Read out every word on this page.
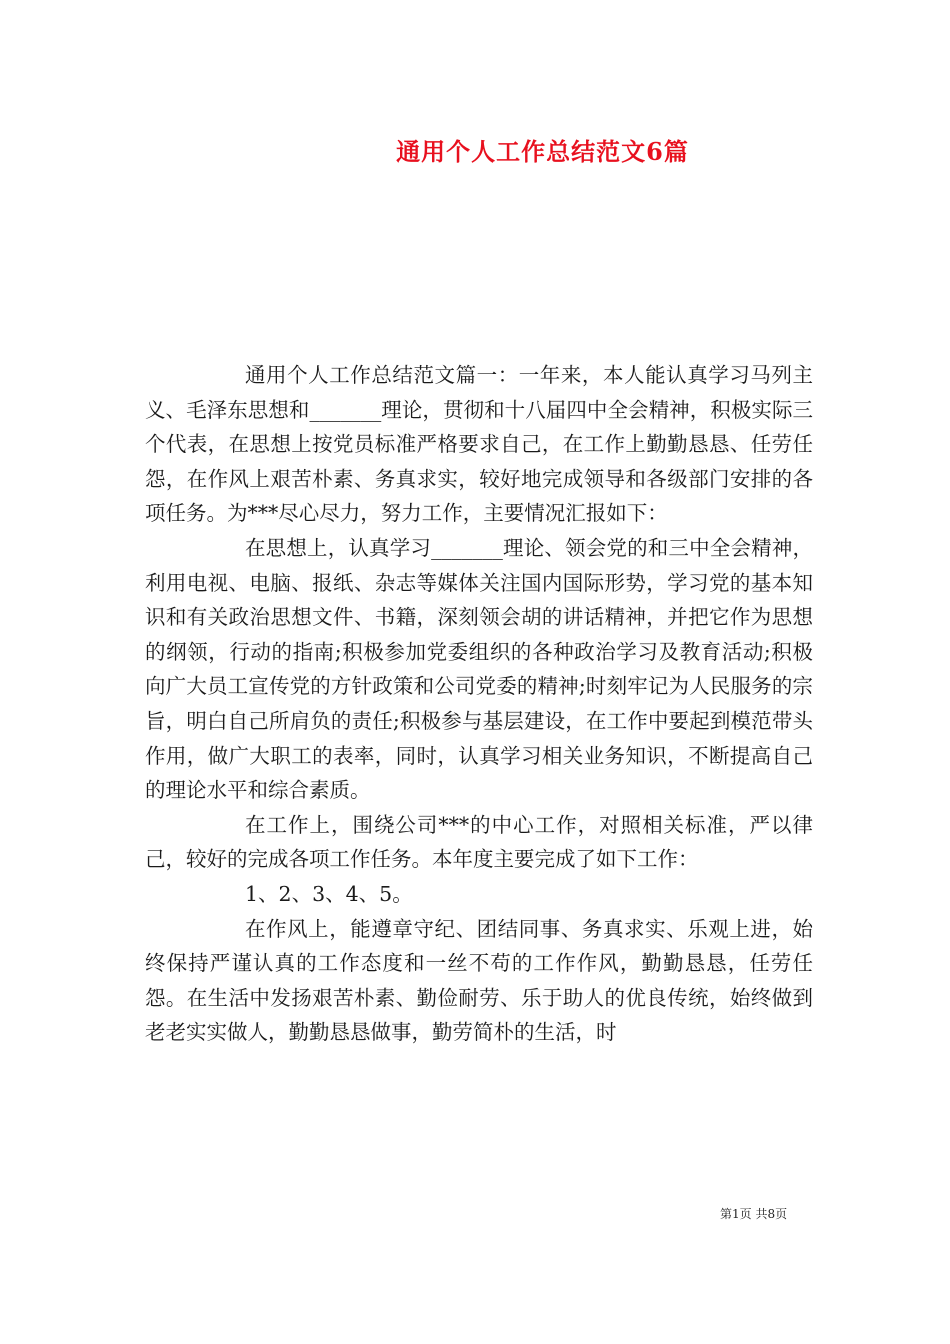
通用个人工作总结范文6篇

通用个人工作总结范文篇一：一年来，本人能认真学习马列主义、毛泽东思想和_______理论，贯彻和十八届四中全会精神，积极实际三个代表，在思想上按党员标准严格要求自己，在工作上勤勤恳恳、任劳任怨，在作风上艰苦朴素、务真求实，较好地完成领导和各级部门安排的各项任务。为***尽心尽力，努力工作，主要情况汇报如下：

在思想上，认真学习_______理论、领会党的和三中全会精神，利用电视、电脑、报纸、杂志等媒体关注国内国际形势，学习党的基本知识和有关政治思想文件、书籍，深刻领会胡的讲话精神，并把它作为思想的纲领，行动的指南;积极参加党委组织的各种政治学习及教育活动;积极向广大员工宣传党的方针政策和公司党委的精神;时刻牢记为人民服务的宗旨，明白自己所肩负的责任;积极参与基层建设，在工作中要起到模范带头作用，做广大职工的表率，同时，认真学习相关业务知识，不断提高自己的理论水平和综合素质。

在工作上，围绕公司***的中心工作，对照相关标准，严以律己，较好的完成各项工作任务。本年度主要完成了如下工作：

1、2、3、4、5。

在作风上，能遵章守纪、团结同事、务真求实、乐观上进，始终保持严谨认真的工作态度和一丝不苟的工作作风，勤勤恳恳，任劳任怨。在生活中发扬艰苦朴素、勤俭耐劳、乐于助人的优良传统，始终做到老老实实做人，勤勤恳恳做事，勤劳简朴的生活，时

第1页 共8页
